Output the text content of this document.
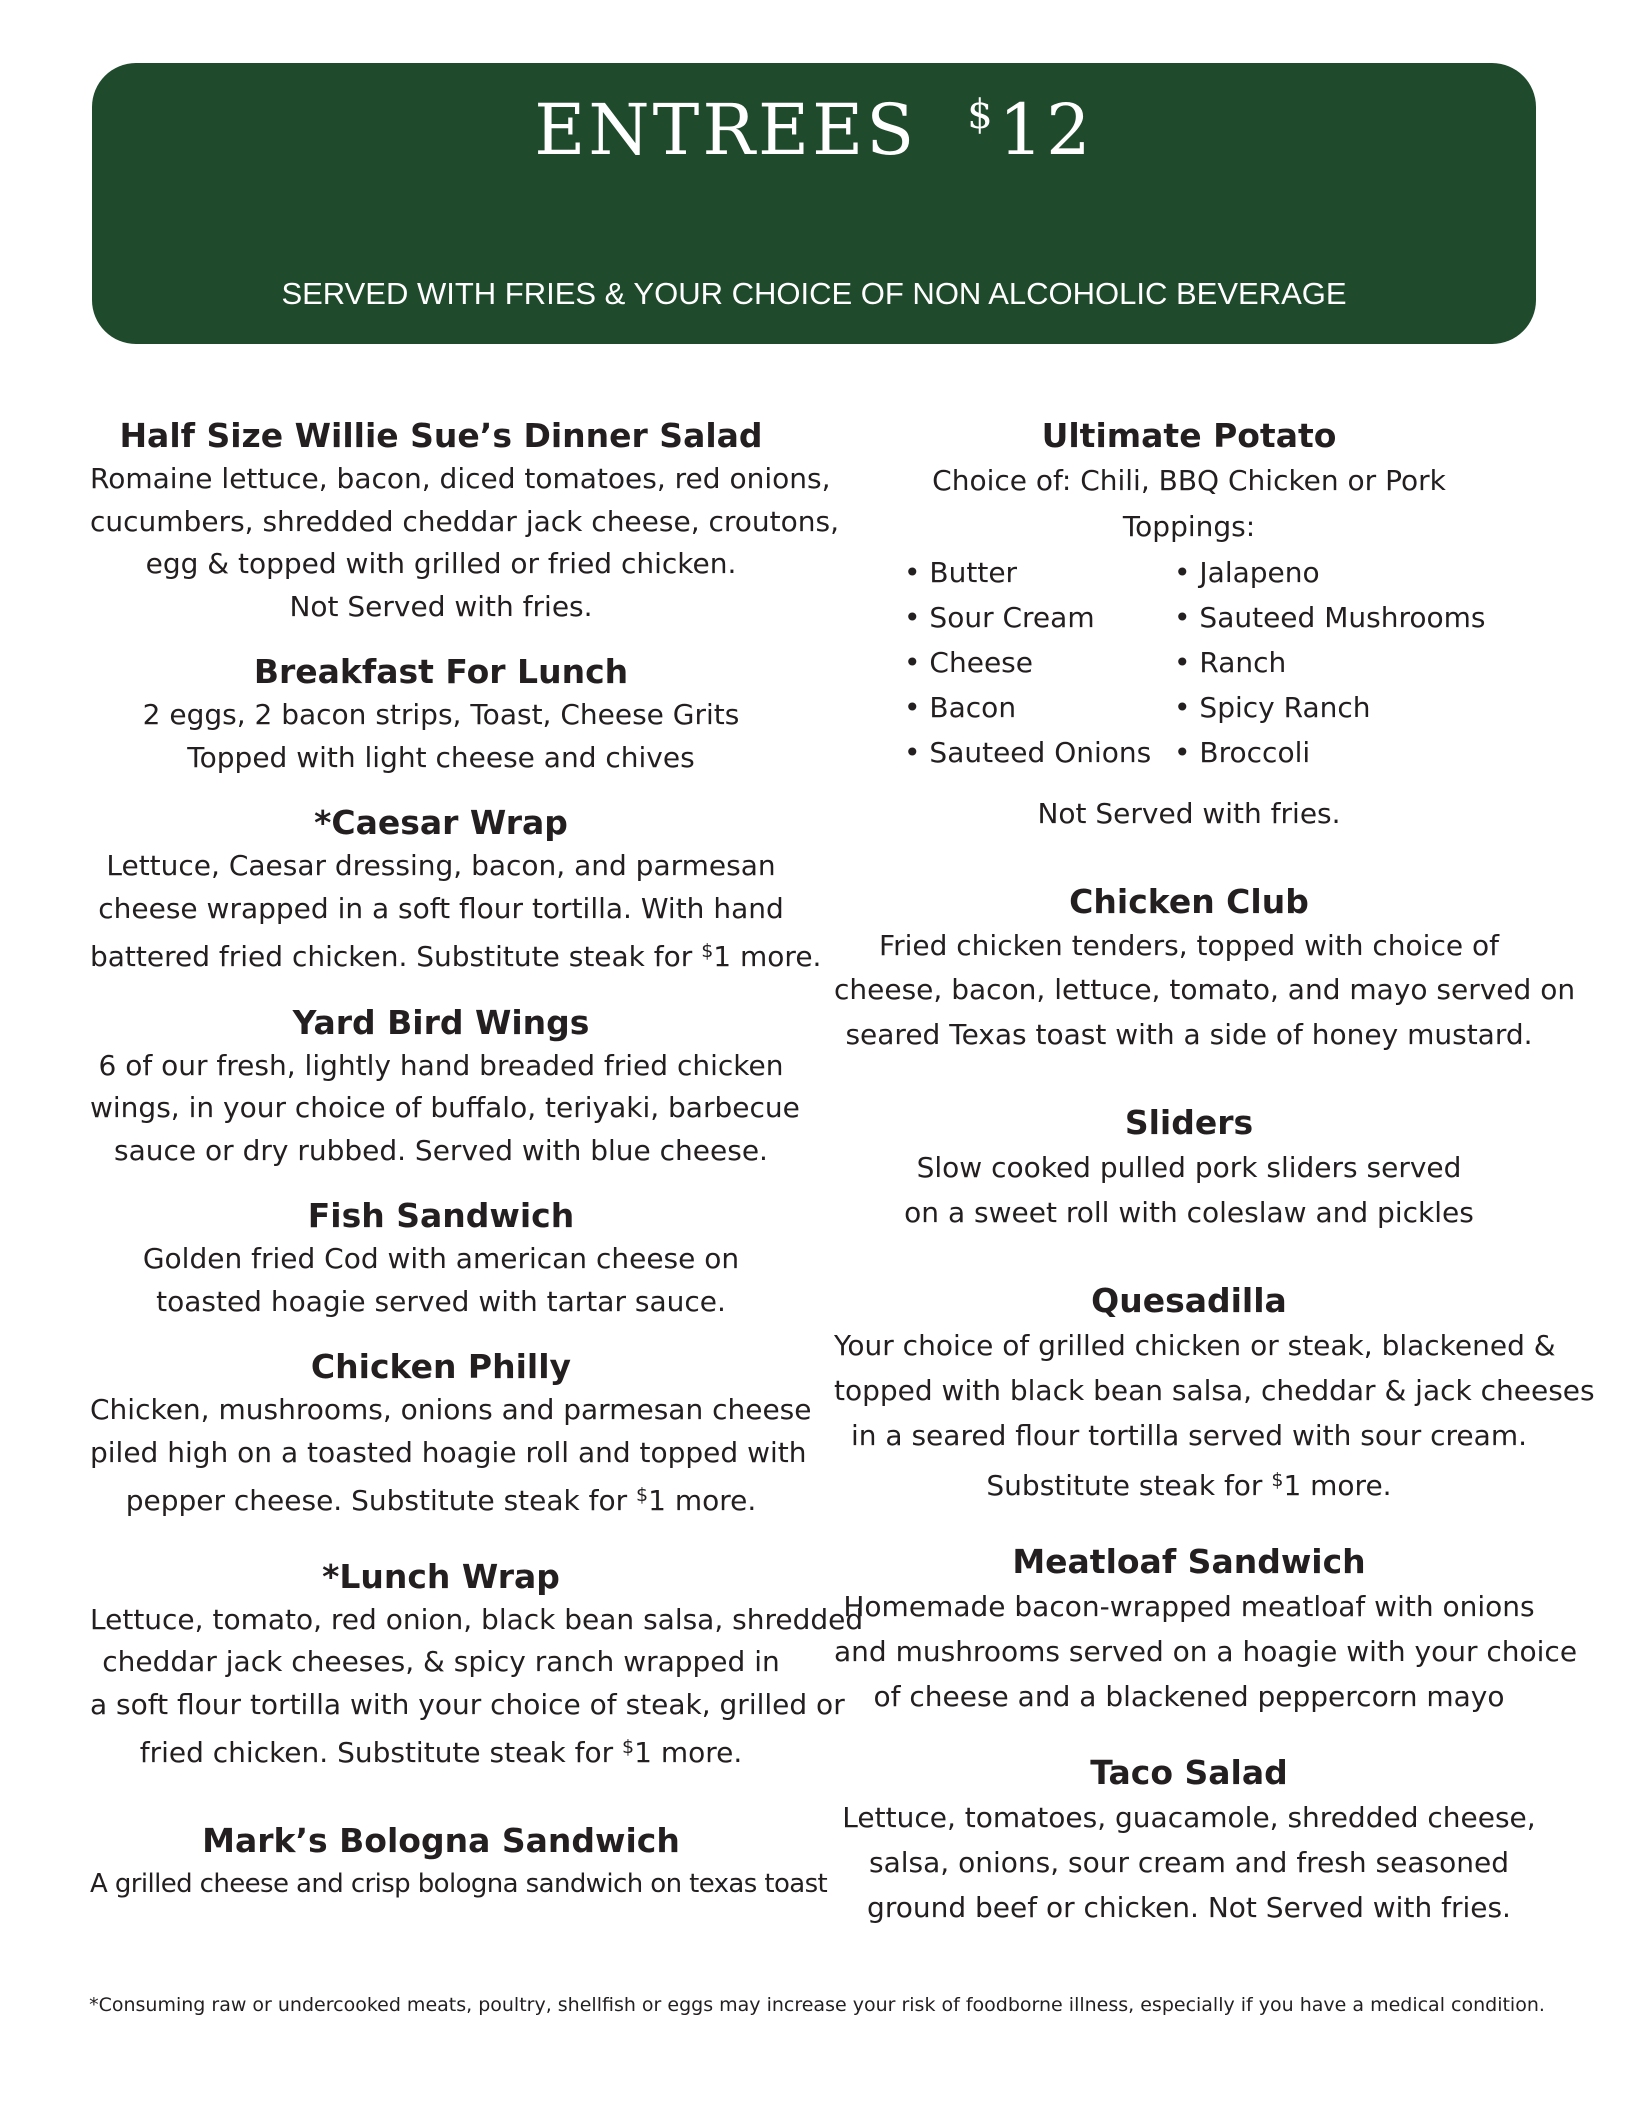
ENTREES $12
SERVED WITH FRIES & YOUR CHOICE OF NON ALCOHOLIC BEVERAGE
Half Size Willie Sue’s Dinner Salad
Romaine lettuce, bacon, diced tomatoes, red onions,
cucumbers, shredded cheddar jack cheese, croutons,
egg & topped with grilled or fried chicken.
Not Served with fries.
Breakfast For Lunch
2 eggs, 2 bacon strips, Toast, Cheese Grits
Topped with light cheese and chives
*Caesar Wrap
Lettuce, Caesar dressing, bacon, and parmesan
cheese wrapped in a soft flour tortilla. With hand
battered fried chicken. Substitute steak for $1 more.
Yard Bird Wings
6 of our fresh, lightly hand breaded fried chicken
wings, in your choice of buffalo, teriyaki, barbecue
sauce or dry rubbed. Served with blue cheese.
Fish Sandwich
Golden fried Cod with american cheese on
toasted hoagie served with tartar sauce.
Chicken Philly
Chicken, mushrooms, onions and parmesan cheese
piled high on a toasted hoagie roll and topped with
pepper cheese. Substitute steak for $1 more.
*Lunch Wrap
Lettuce, tomato, red onion, black bean salsa, shredded
cheddar jack cheeses, & spicy ranch wrapped in
a soft flour tortilla with your choice of steak, grilled or
fried chicken. Substitute steak for $1 more.
Mark’s Bologna Sandwich
A grilled cheese and crisp bologna sandwich on texas toast
Ultimate Potato
Choice of: Chili, BBQ Chicken or Pork
Toppings:
• Butter
• Sour Cream
• Cheese
• Bacon
• Sauteed Onions
• Jalapeno
• Sauteed Mushrooms
• Ranch
• Spicy Ranch
• Broccoli
Not Served with fries.
Chicken Club
Fried chicken tenders, topped with choice of
cheese, bacon, lettuce, tomato, and mayo served on
seared Texas toast with a side of honey mustard.
Sliders
Slow cooked pulled pork sliders served
on a sweet roll with coleslaw and pickles
Quesadilla
Your choice of grilled chicken or steak, blackened &
topped with black bean salsa, cheddar & jack cheeses
in a seared flour tortilla served with sour cream.
Substitute steak for $1 more.
Meatloaf Sandwich
Homemade bacon-wrapped meatloaf with onions
and mushrooms served on a hoagie with your choice
of cheese and a blackened peppercorn mayo
Taco Salad
Lettuce, tomatoes, guacamole, shredded cheese,
salsa, onions, sour cream and fresh seasoned
ground beef or chicken. Not Served with fries.
*Consuming raw or undercooked meats, poultry, shellfish or eggs may increase your risk of foodborne illness, especially if you have a medical condition.
